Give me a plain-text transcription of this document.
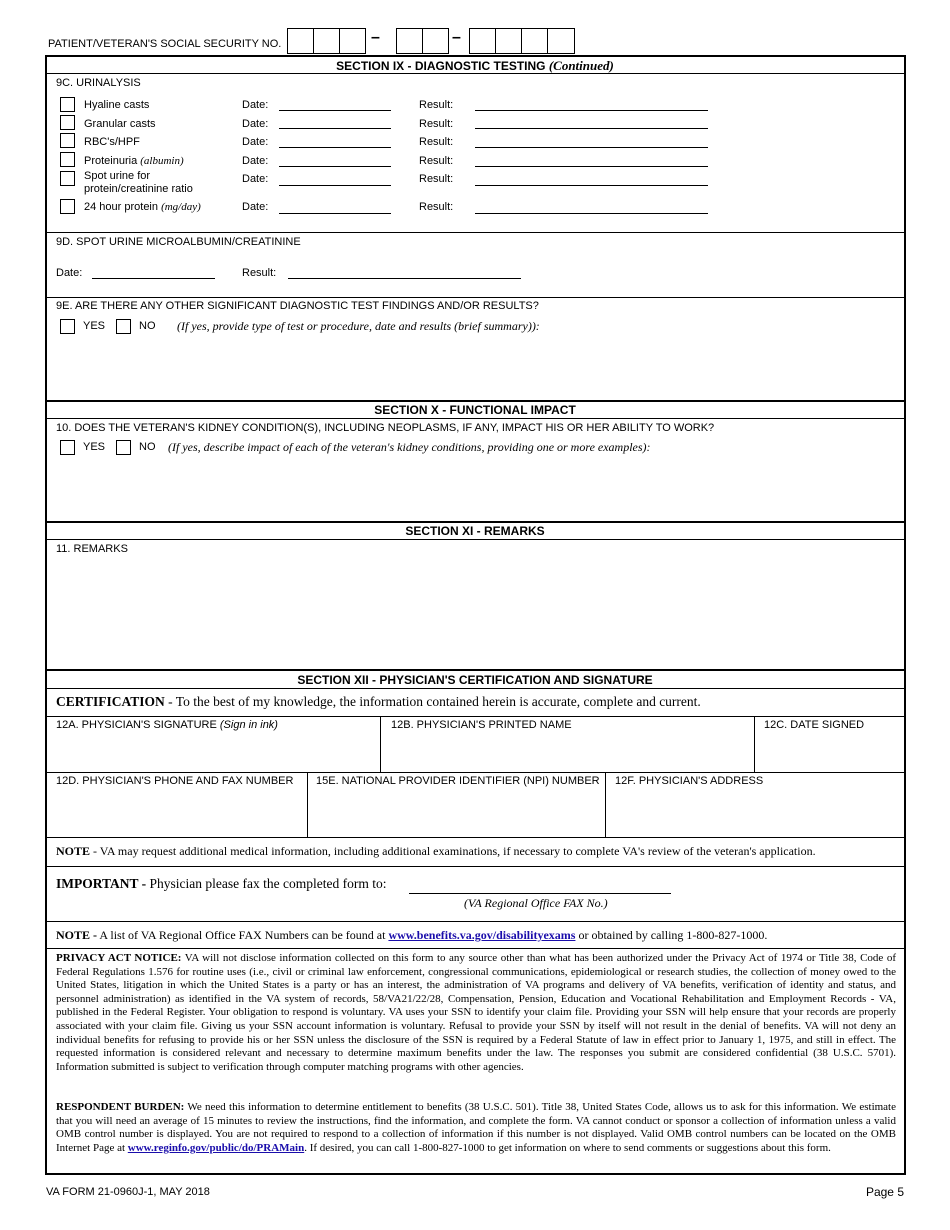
PATIENT/VETERAN'S SOCIAL SECURITY NO.	–	–
SECTION IX - DIAGNOSTIC TESTING (Continued)
9C. URINALYSIS
Hyaline casts	Date:	Result:
Granular casts	Date:	Result:
RBC's/HPF	Date:	Result:
Proteinuria (albumin)	Date:	Result:
Spot urine for
protein/creatinine ratio
Date:	Result:
24 hour protein (mg/day)	Date:	Result:
9D. SPOT URINE MICROALBUMIN/CREATININE
Date:	Result:
9E. ARE THERE ANY OTHER SIGNIFICANT DIAGNOSTIC TEST FINDINGS AND/OR RESULTS?
YES	NO (If yes, provide type of test or procedure, date and results (brief summary)):
SECTION X - FUNCTIONAL IMPACT
10. DOES THE VETERAN'S KIDNEY CONDITION(S), INCLUDING NEOPLASMS, IF ANY, IMPACT HIS OR HER ABILITY TO WORK?
YES	NO (If yes, describe impact of each of the veteran's kidney conditions, providing one or more examples):
SECTION XI - REMARKS
11. REMARKS
SECTION XII - PHYSICIAN'S CERTIFICATION AND SIGNATURE
CERTIFICATION - To the best of my knowledge, the information contained herein is accurate, complete and current.
12A. PHYSICIAN'S SIGNATURE (Sign in ink)	12B. PHYSICIAN'S PRINTED NAME	12C. DATE SIGNED
12D. PHYSICIAN'S PHONE AND FAX NUMBER 15E. NATIONAL PROVIDER IDENTIFIER (NPI) NUMBER 12F. PHYSICIAN'S ADDRESS
NOTE - VA may request additional medical information, including additional examinations, if necessary to complete VA's review of the veteran's application.
IMPORTANT - Physician please fax the completed form to:
(VA Regional Office FAX No.)
NOTE - A list of VA Regional Office FAX Numbers can be found at www.benefits.va.gov/disabilityexams or obtained by calling 1-800-827-1000.
PRIVACY ACT NOTICE: VA will not disclose information collected on this form to any source other than what has been authorized under the Privacy Act of 1974 or Title 38, Code of Federal Regulations 1.576 for routine uses (i.e., civil or criminal law enforcement, congressional communications, epidemiological or research studies, the collection of money owed to the United States, litigation in which the United States is a party or has an interest, the administration of VA programs and delivery of VA benefits, verification of identity and status, and personnel administration) as identified in the VA system of records, 58/VA21/22/28, Compensation, Pension, Education and Vocational Rehabilitation and Employment Records - VA, published in the Federal Register. Your obligation to respond is voluntary. VA uses your SSN to identify your claim file. Providing your SSN will help ensure that your records are properly associated with your claim file. Giving us your SSN account information is voluntary. Refusal to provide your SSN by itself will not result in the denial of benefits. VA will not deny an individual benefits for refusing to provide his or her SSN unless the disclosure of the SSN is required by a Federal Statute of law in effect prior to January 1, 1975, and still in effect. The requested information is considered relevant and necessary to determine maximum benefits under the law. The responses you submit are considered confidential (38 U.S.C. 5701). Information submitted is subject to verification through computer matching programs with other agencies.
RESPONDENT BURDEN: We need this information to determine entitlement to benefits (38 U.S.C. 501). Title 38, United States Code, allows us to ask for this information. We estimate that you will need an average of 15 minutes to review the instructions, find the information, and complete the form. VA cannot conduct or sponsor a collection of information unless a valid OMB control number is displayed. You are not required to respond to a collection of information if this number is not displayed. Valid OMB control numbers can be located on the OMB Internet Page at www.reginfo.gov/public/do/PRAMain. If desired, you can call 1-800-827-1000 to get information on where to send comments or suggestions about this form.
VA FORM 21-0960J-1, MAY 2018	Page 5
